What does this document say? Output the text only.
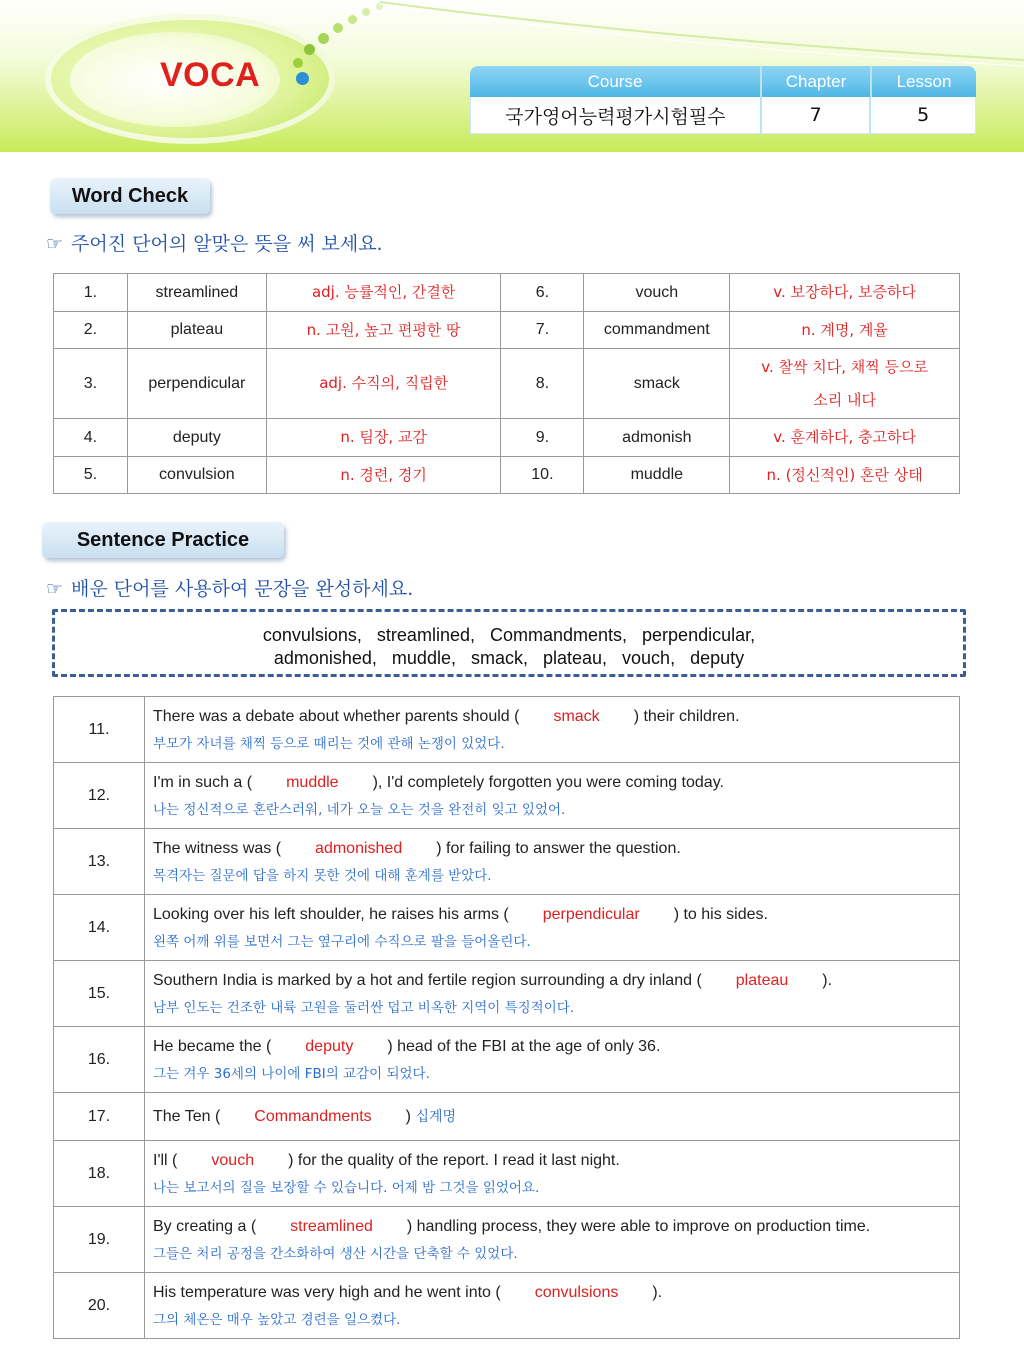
VOCA	Course	Chapter	Lesson
국가영어능력평가시험필수	7	5
Word Check
☞ 주어진 단어의 알맞은 뜻을 써 보세요.
1.	streamlined	adj. 능률적인, 간결한	6.	vouch	v. 보장하다, 보증하다
2.	plateau	n. 고원, 높고 편평한 땅	7.	commandment	n. 계명, 계율
3.	perpendicular	adj. 수직의, 직립한	8.	smack	v. 찰싹 치다, 채찍 등으로
소리 내다

4.	deputy	n. 팀장, 교감	9.	admonish	v. 훈계하다, 충고하다
5.	convulsion	n. 경련, 경기	10.	muddle	n. (정신적인) 혼란 상태
Sentence Practice
☞ 배운 단어를 사용하여 문장을 완성하세요.
convulsions,   streamlined,   Commandments,   perpendicular,
admonished,   muddle,   smack,   plateau,   vouch,   deputy
11.	There was a debate about whether parents should ( smack ) their children.
부모가 자녀를 채찍 등으로 때리는 것에 관해 논쟁이 있었다.

12.	I'm in such a ( muddle ), I'd completely forgotten you were coming today.
나는 정신적으로 혼란스러워, 네가 오늘 오는 것을 완전히 잊고 있었어.

13.	The witness was ( admonished ) for failing to answer the question.
목격자는 질문에 답을 하지 못한 것에 대해 훈계를 받았다.

14.	Looking over his left shoulder, he raises his arms ( perpendicular ) to his sides.
왼쪽 어깨 위를 보면서 그는 옆구리에 수직으로 팔을 들어올린다.

15.	Southern India is marked by a hot and fertile region surrounding a dry inland ( plateau ).
남부 인도는 건조한 내륙 고원을 둘러싼 덥고 비옥한 지역이 특징적이다.

16.	He became the ( deputy ) head of the FBI at the age of only 36.
그는 겨우 36세의 나이에 FBI의 교감이 되었다.

17.	The Ten ( Commandments ) 십계명

18.	I'll ( vouch ) for the quality of the report. I read it last night.
나는 보고서의 질을 보장할 수 있습니다. 어제 밤 그것을 읽었어요.

19.	By creating a ( streamlined ) handling process, they were able to improve on production time.
그들은 처리 공정을 간소화하여 생산 시간을 단축할 수 있었다.

20.	His temperature was very high and he went into ( convulsions ).
그의 체온은 매우 높았고 경련을 일으켰다.
